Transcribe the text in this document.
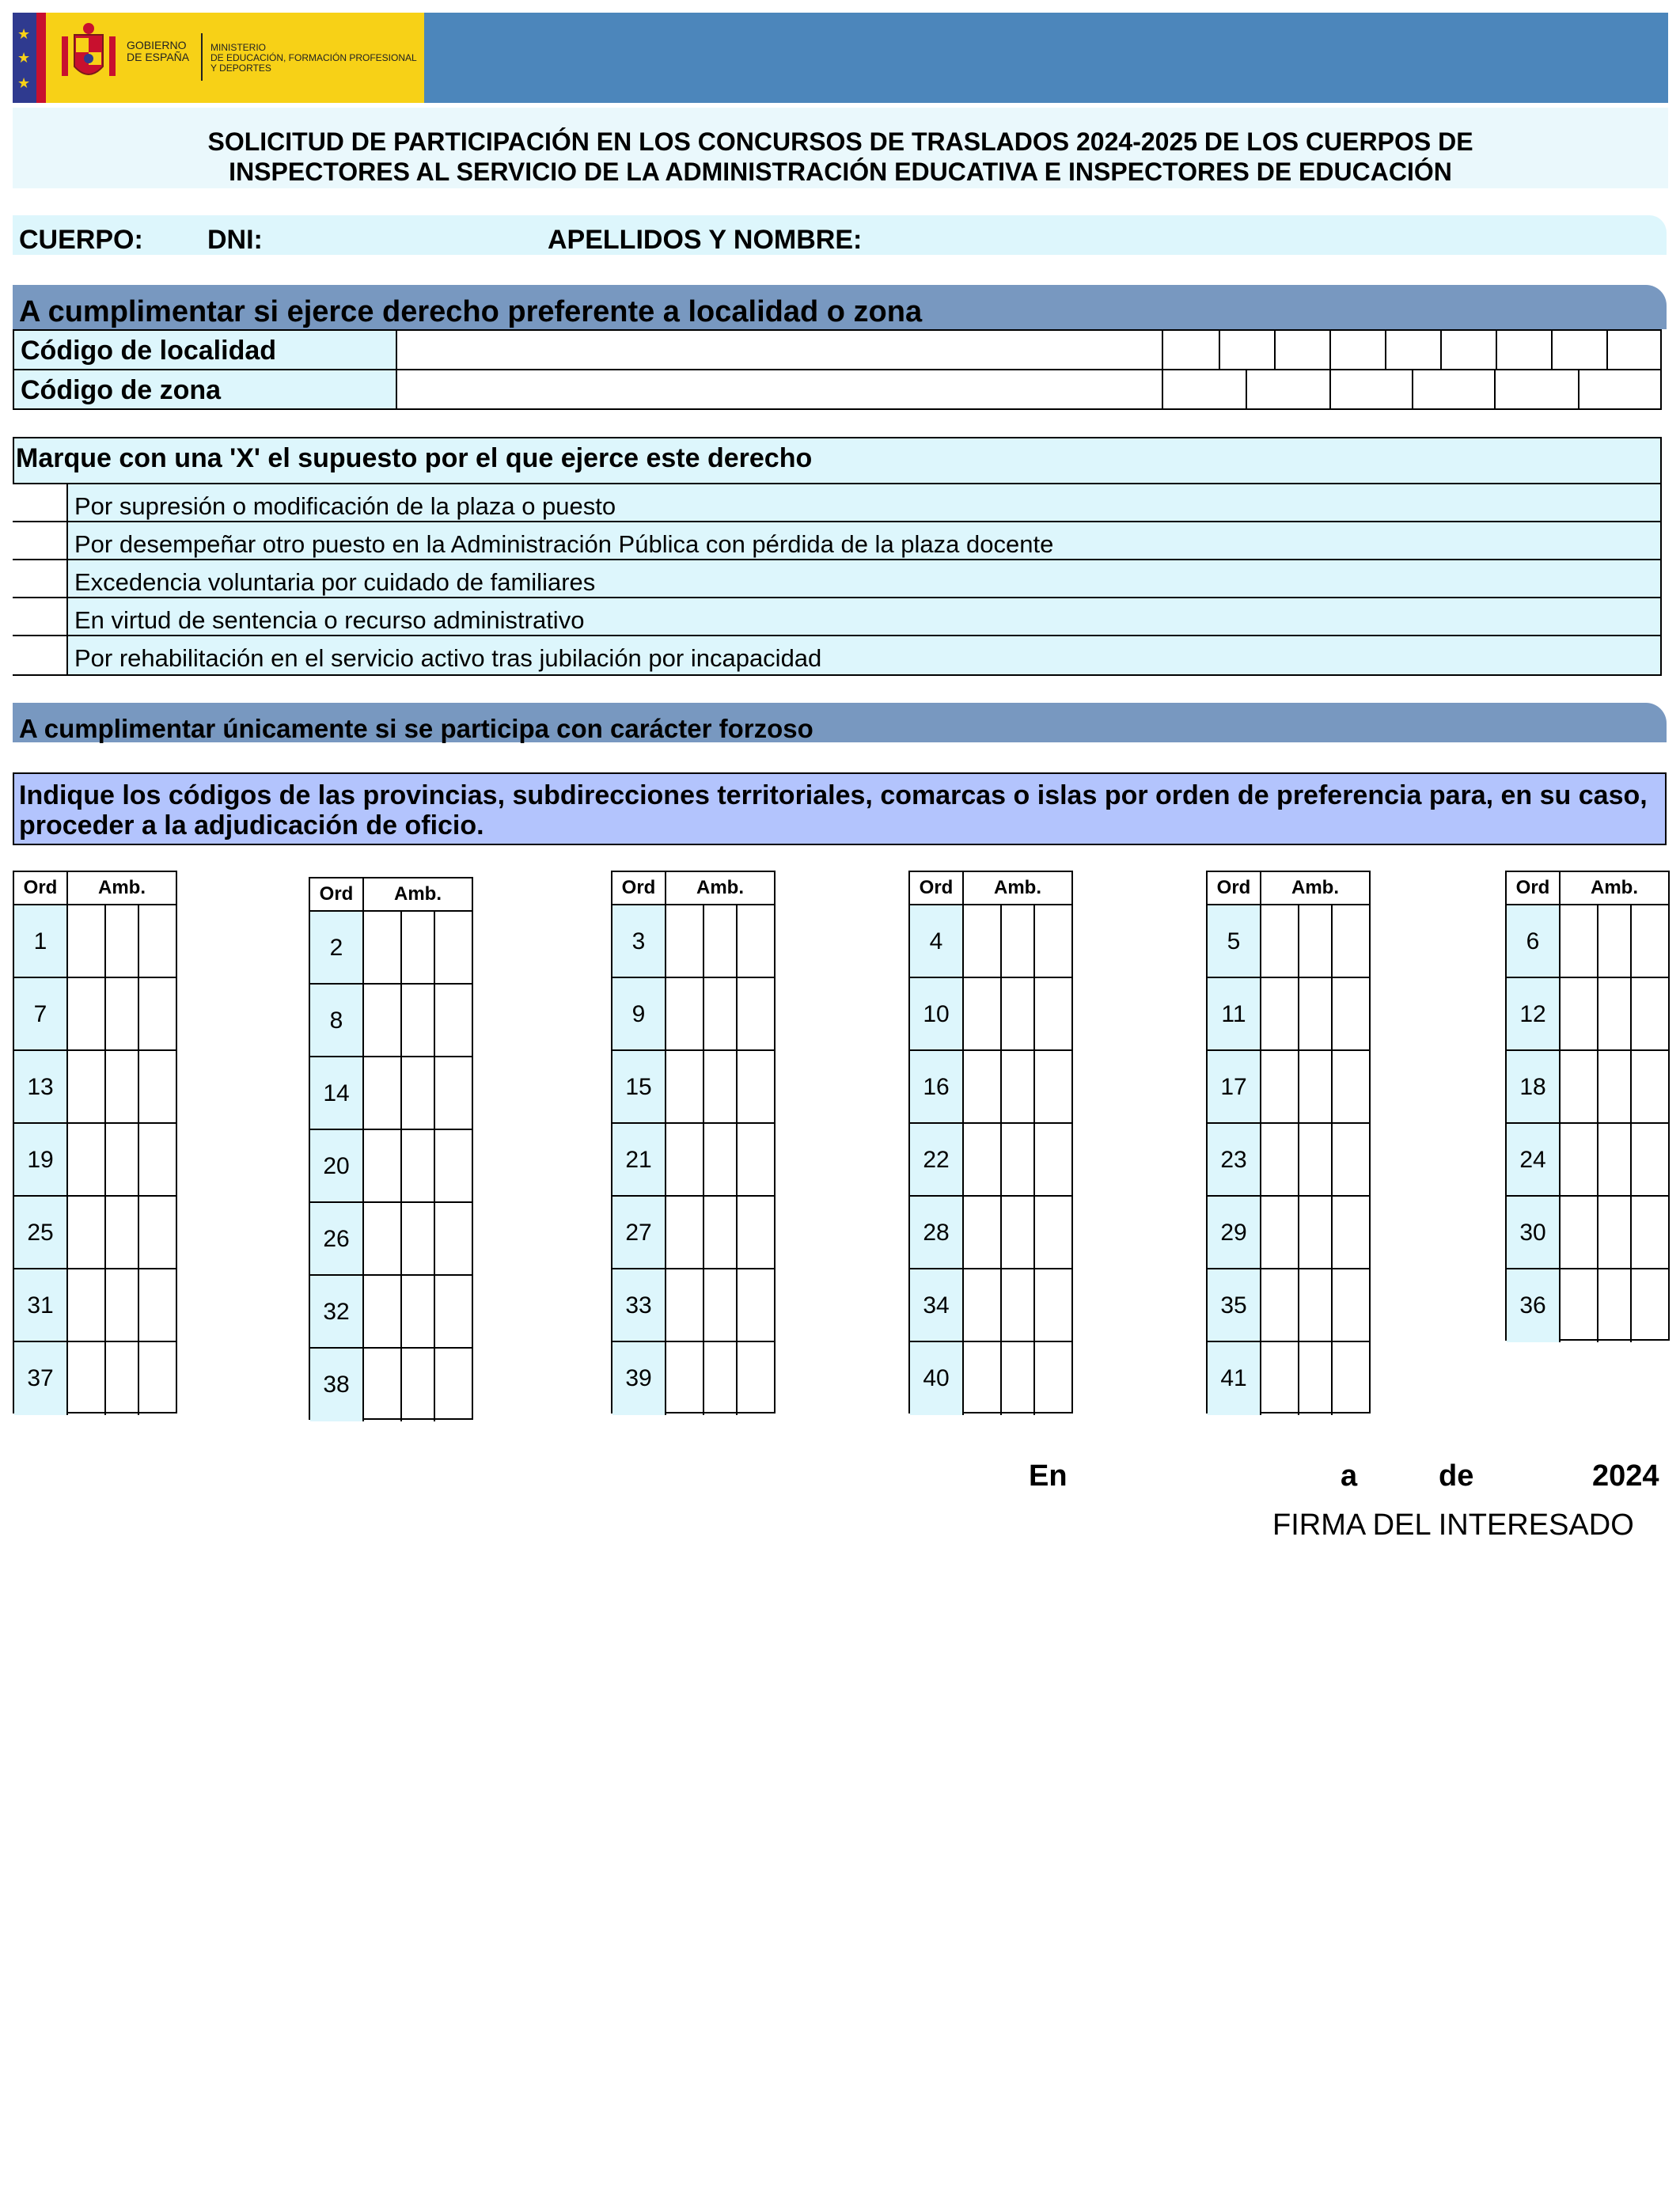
★
★
★
GOBIERNO
DE ESPAÑA
MINISTERIO
DE EDUCACIÓN, FORMACIÓN PROFESIONAL
Y DEPORTES
SOLICITUD DE PARTICIPACIÓN EN LOS CONCURSOS DE TRASLADOS 2024-2025 DE LOS CUERPOS DE
INSPECTORES AL SERVICIO DE LA ADMINISTRACIÓN EDUCATIVA E INSPECTORES DE EDUCACIÓN
CUERPO: DNI:	APELLIDOS Y NOMBRE:
A cumplimentar si ejerce derecho preferente a localidad o zona
Código de localidad
Código de zona
Marque con una 'X' el supuesto por el que ejerce este derecho
Por supresión o modificación de la plaza o puesto
Por desempeñar otro puesto en la Administración Pública con pérdida de la plaza docente
Excedencia voluntaria por cuidado de familiares
En virtud de sentencia o recurso administrativo
Por rehabilitación en el servicio activo tras jubilación por incapacidad
A cumplimentar únicamente si se participa con carácter forzoso
Indique los códigos de las provincias, subdirecciones territoriales, comarcas o islas por orden de preferencia para, en su caso, proceder a la adjudicación de oficio.
Ord	Amb.
1
7
13
19
25
31
37
Ord	Amb.
2
8
14
20
26
32
38
Ord	Amb.
3
9
15
21
27
33
39
Ord	Amb.
4
10
16
22
28
34
40
Ord	Amb.
5
11
17
23
29
35
41
Ord	Amb.
6
12
18
24
30
36
En	a	de	2024
FIRMA DEL INTERESADO
